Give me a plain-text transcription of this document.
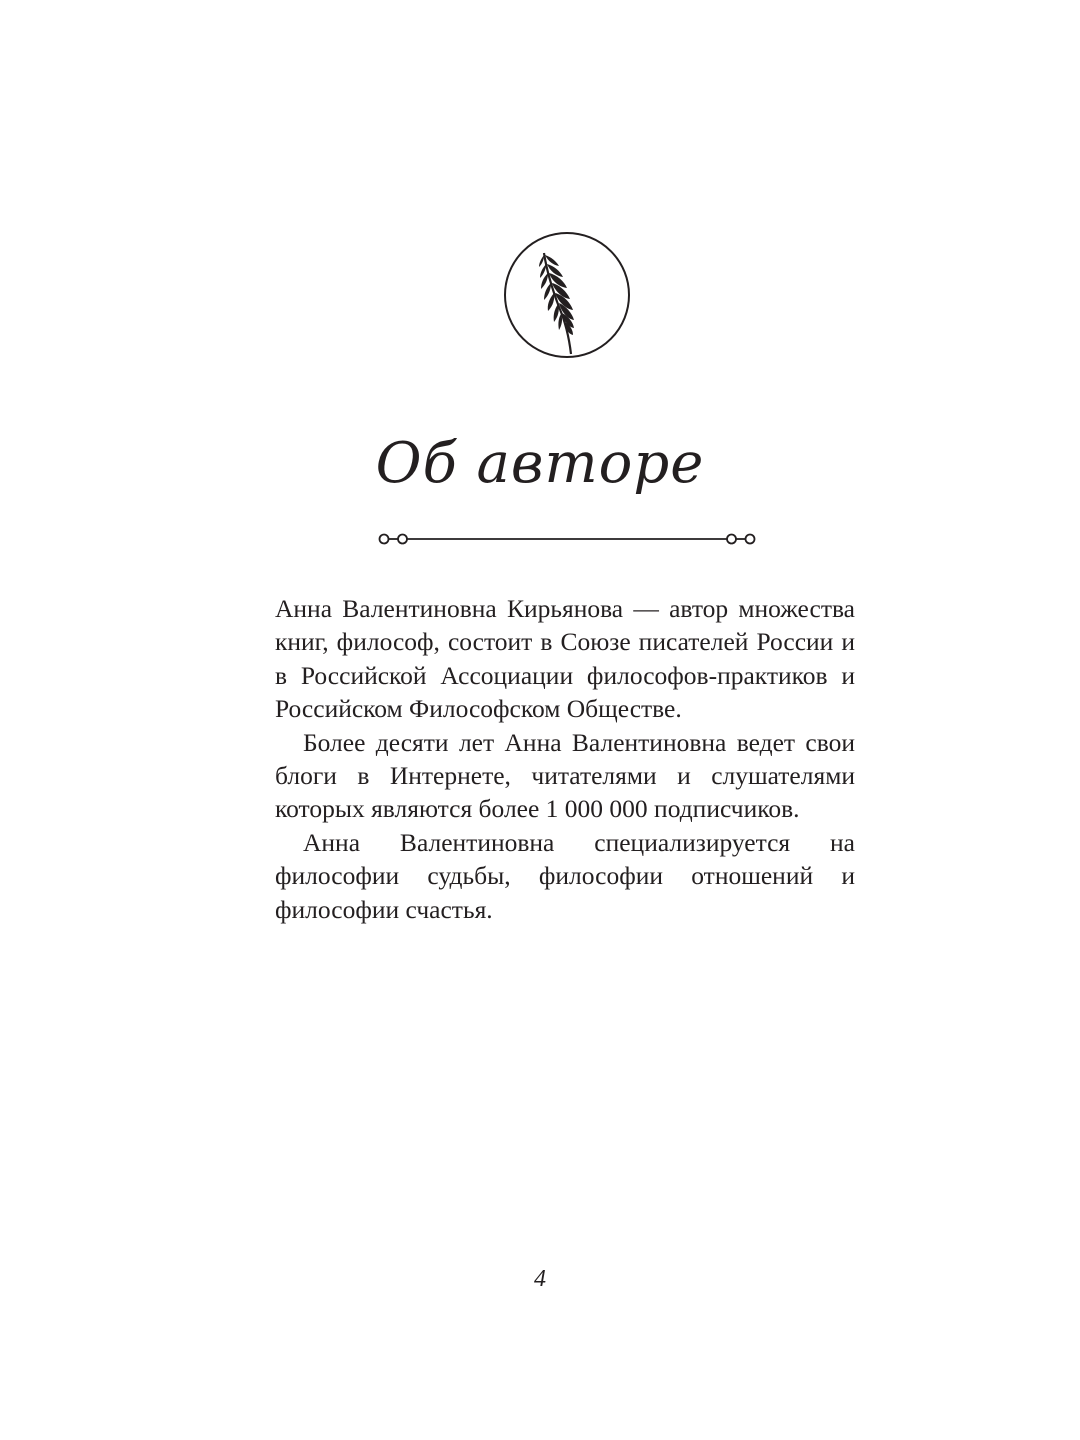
Об авторе

Анна Валентиновна Кирьянова — автор множества книг, философ, состоит в Союзе писателей России и в Российской Ассоциации философов-практиков и Российском Философском Обществе.

Более десяти лет Анна Валентиновна ведет свои блоги в Интернете, читателями и слушателями которых являются более 1 000 000 подписчиков.

Анна Валентиновна специализируется на философии судьбы, философии отношений и философии счастья.

4
